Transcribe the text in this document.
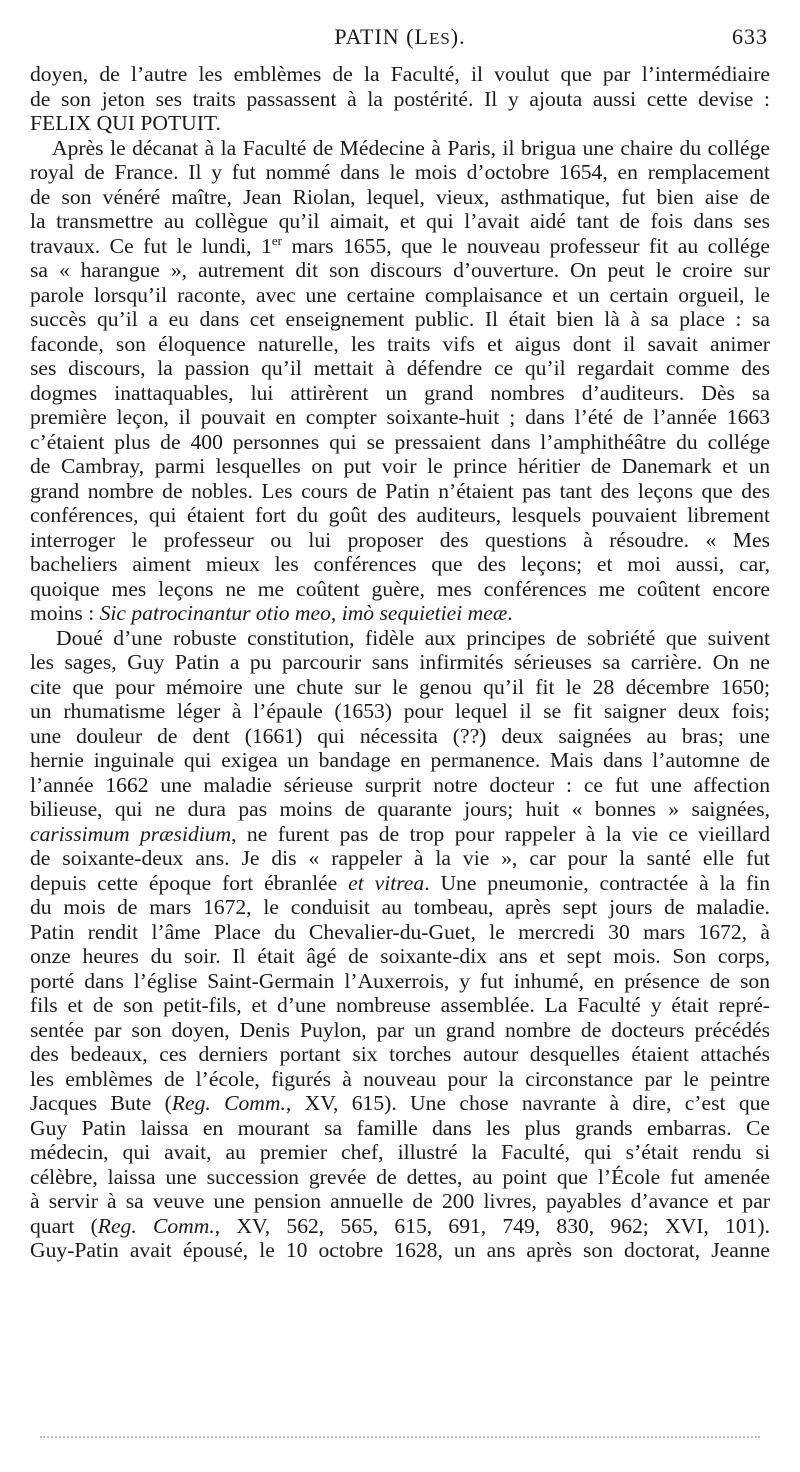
PATIN (LES).	633
doyen, de l’autre les emblèmes de la Faculté, il voulut que par l’intermédiaire
de son jeton ses traits passassent à la postérité. Il y ajouta aussi cette devise :
FELIX QUI POTUIT.
Après le décanat à la Faculté de Médecine à Paris, il brigua une chaire du collége
royal de France. Il y fut nommé dans le mois d’octobre 1654, en remplacement
de son vénéré maître, Jean Riolan, lequel, vieux, asthmatique, fut bien aise de
la transmettre au collègue qu’il aimait, et qui l’avait aidé tant de fois dans ses
travaux. Ce fut le lundi, 1er mars 1655, que le nouveau professeur fit au collége
sa « harangue », autrement dit son discours d’ouverture. On peut le croire sur
parole lorsqu’il raconte, avec une certaine complaisance et un certain orgueil, le
succès qu’il a eu dans cet enseignement public. Il était bien là à sa place : sa
faconde, son éloquence naturelle, les traits vifs et aigus dont il savait animer
ses discours, la passion qu’il mettait à défendre ce qu’il regardait comme des
dogmes inattaquables, lui attirèrent un grand nombres d’auditeurs. Dès sa
première leçon, il pouvait en compter soixante-huit ; dans l’été de l’année 1663
c’étaient plus de 400 personnes qui se pressaient dans l’amphithéâtre du collége
de Cambray, parmi lesquelles on put voir le prince héritier de Danemark et un
grand nombre de nobles. Les cours de Patin n’étaient pas tant des leçons que des
conférences, qui étaient fort du goût des auditeurs, lesquels pouvaient librement
interroger le professeur ou lui proposer des questions à résoudre. « Mes
bacheliers aiment mieux les conférences que des leçons; et moi aussi, car,
quoique mes leçons ne me coûtent guère, mes conférences me coûtent encore
moins : Sic patrocinantur otio meo, imò sequietiei meæ.
Doué d’une robuste constitution, fidèle aux principes de sobriété que suivent
les sages, Guy Patin a pu parcourir sans infirmités sérieuses sa carrière. On ne
cite que pour mémoire une chute sur le genou qu’il fit le 28 décembre 1650;
un rhumatisme léger à l’épaule (1653) pour lequel il se fit saigner deux fois;
une douleur de dent (1661) qui nécessita (??) deux saignées au bras; une
hernie inguinale qui exigea un bandage en permanence. Mais dans l’automne de
l’année 1662 une maladie sérieuse surprit notre docteur : ce fut une affection
bilieuse, qui ne dura pas moins de quarante jours; huit « bonnes » saignées,
carissimum præsidium, ne furent pas de trop pour rappeler à la vie ce vieillard
de soixante-deux ans. Je dis « rappeler à la vie », car pour la santé elle fut
depuis cette époque fort ébranlée et vitrea. Une pneumonie, contractée à la fin
du mois de mars 1672, le conduisit au tombeau, après sept jours de maladie.
Patin rendit l’âme Place du Chevalier-du-Guet, le mercredi 30 mars 1672, à
onze heures du soir. Il était âgé de soixante-dix ans et sept mois. Son corps,
porté dans l’église Saint-Germain l’Auxerrois, y fut inhumé, en présence de son
fils et de son petit-fils, et d’une nombreuse assemblée. La Faculté y était repré-
sentée par son doyen, Denis Puylon, par un grand nombre de docteurs précédés
des bedeaux, ces derniers portant six torches autour desquelles étaient attachés
les emblèmes de l’école, figurés à nouveau pour la circonstance par le peintre
Jacques Bute (Reg. Comm., XV, 615). Une chose navrante à dire, c’est que
Guy Patin laissa en mourant sa famille dans les plus grands embarras. Ce
médecin, qui avait, au premier chef, illustré la Faculté, qui s’était rendu si
célèbre, laissa une succession grevée de dettes, au point que l’École fut amenée
à servir à sa veuve une pension annuelle de 200 livres, payables d’avance et par
quart (Reg. Comm., XV, 562, 565, 615, 691, 749, 830, 962; XVI, 101).
Guy-Patin avait épousé, le 10 octobre 1628, un ans après son doctorat, Jeanne
